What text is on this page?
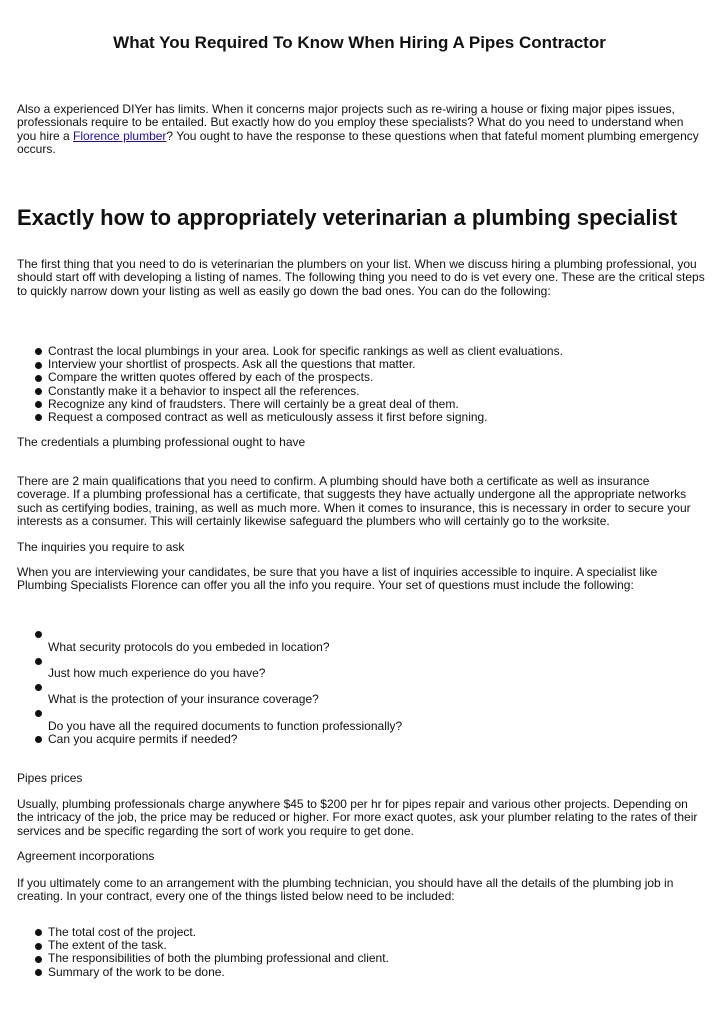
What You Required To Know When Hiring A Pipes Contractor

Also a experienced DIYer has limits. When it concerns major projects such as re-wiring a house or fixing major pipes issues, professionals require to be entailed. But exactly how do you employ these specialists? What do you need to understand when you hire a Florence plumber? You ought to have the response to these questions when that fateful moment plumbing emergency occurs.

Exactly how to appropriately veterinarian a plumbing specialist

The first thing that you need to do is veterinarian the plumbers on your list. When we discuss hiring a plumbing professional, you should start off with developing a listing of names. The following thing you need to do is vet every one. These are the critical steps to quickly narrow down your listing as well as easily go down the bad ones. You can do the following:

Contrast the local plumbings in your area. Look for specific rankings as well as client evaluations.
Interview your shortlist of prospects. Ask all the questions that matter.
Compare the written quotes offered by each of the prospects.
Constantly make it a behavior to inspect all the references.
Recognize any kind of fraudsters. There will certainly be a great deal of them.
Request a composed contract as well as meticulously assess it first before signing.

The credentials a plumbing professional ought to have

There are 2 main qualifications that you need to confirm. A plumbing should have both a certificate as well as insurance coverage. If a plumbing professional has a certificate, that suggests they have actually undergone all the appropriate networks such as certifying bodies, training, as well as much more. When it comes to insurance, this is necessary in order to secure your interests as a consumer. This will certainly likewise safeguard the plumbers who will certainly go to the worksite.

The inquiries you require to ask

When you are interviewing your candidates, be sure that you have a list of inquiries accessible to inquire. A specialist like Plumbing Specialists Florence can offer you all the info you require. Your set of questions must include the following:

What security protocols do you embeded in location?
Just how much experience do you have?
What is the protection of your insurance coverage?
Do you have all the required documents to function professionally?
Can you acquire permits if needed?

Pipes prices

Usually, plumbing professionals charge anywhere $45 to $200 per hr for pipes repair and various other projects. Depending on the intricacy of the job, the price may be reduced or higher. For more exact quotes, ask your plumber relating to the rates of their services and be specific regarding the sort of work you require to get done.

Agreement incorporations

If you ultimately come to an arrangement with the plumbing technician, you should have all the details of the plumbing job in creating. In your contract, every one of the things listed below need to be included:

The total cost of the project.
The extent of the task.
The responsibilities of both the plumbing professional and client.
Summary of the work to be done.
